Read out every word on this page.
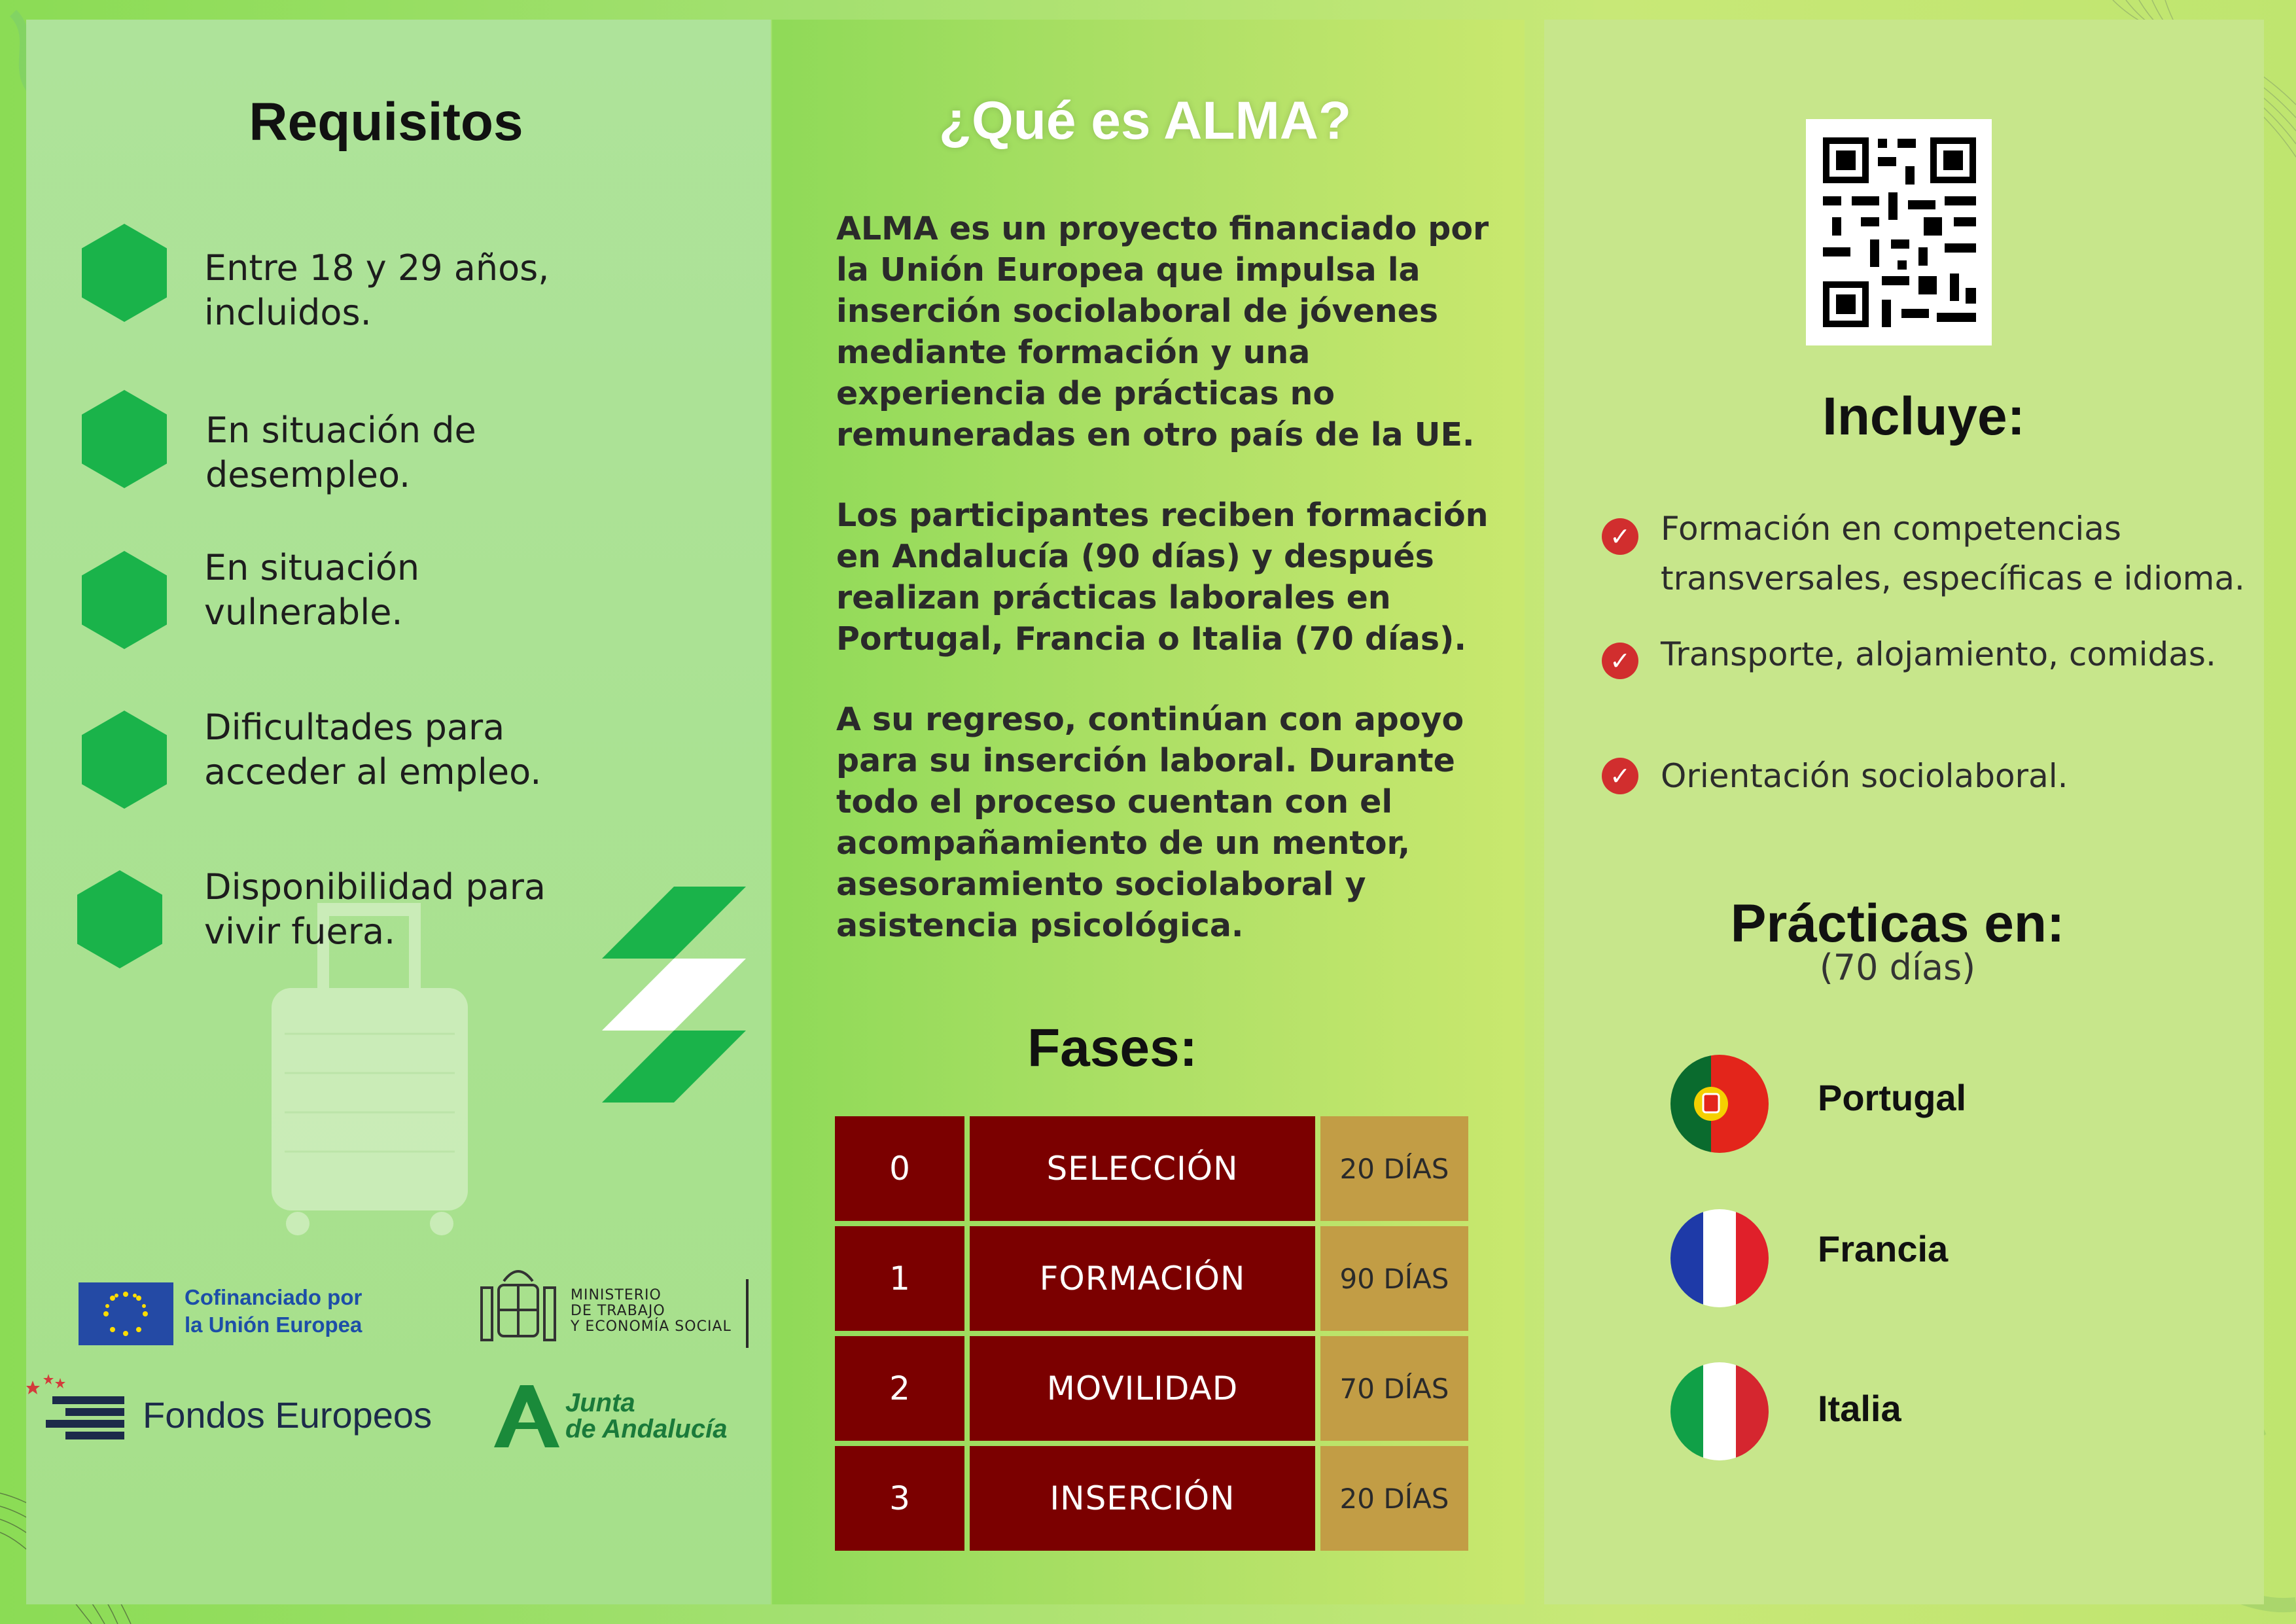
Requisitos
Entre 18 y 29 años,
incluidos.
En situación de
desempleo.
En situación
vulnerable.
Dificultades para
acceder al empleo.
Disponibilidad para
vivir fuera.
Cofinanciado por
la Unión Europea
MINISTERIO
DE TRABAJO
Y ECONOMÍA SOCIAL
Fondos Europeos	Junta
de Andalucía
¿Qué es ALMA?
ALMA es un proyecto financiado por la Unión Europea que impulsa la inserción sociolaboral de jóvenes mediante formación y una experiencia de prácticas no remuneradas en otro país de la UE.
Los participantes reciben formación en Andalucía (90 días) y después realizan prácticas laborales en Portugal, Francia o Italia (70 días).
A su regreso, continúan con apoyo para su inserción laboral. Durante todo el proceso cuentan con el acompañamiento de un mentor, asesoramiento sociolaboral y asistencia psicológica.
Fases:
0	SELECCIÓN	20 DÍAS
1	FORMACIÓN	90 DÍAS
2	MOVILIDAD	70 DÍAS
3	INSERCIÓN	20 DÍAS
Incluye:
✓ Formación en competencias
transversales, específicas e idioma.
✓ Transporte, alojamiento, comidas.
✓ Orientación sociolaboral.
Prácticas en:
(70 días)
Portugal
Francia
Italia
